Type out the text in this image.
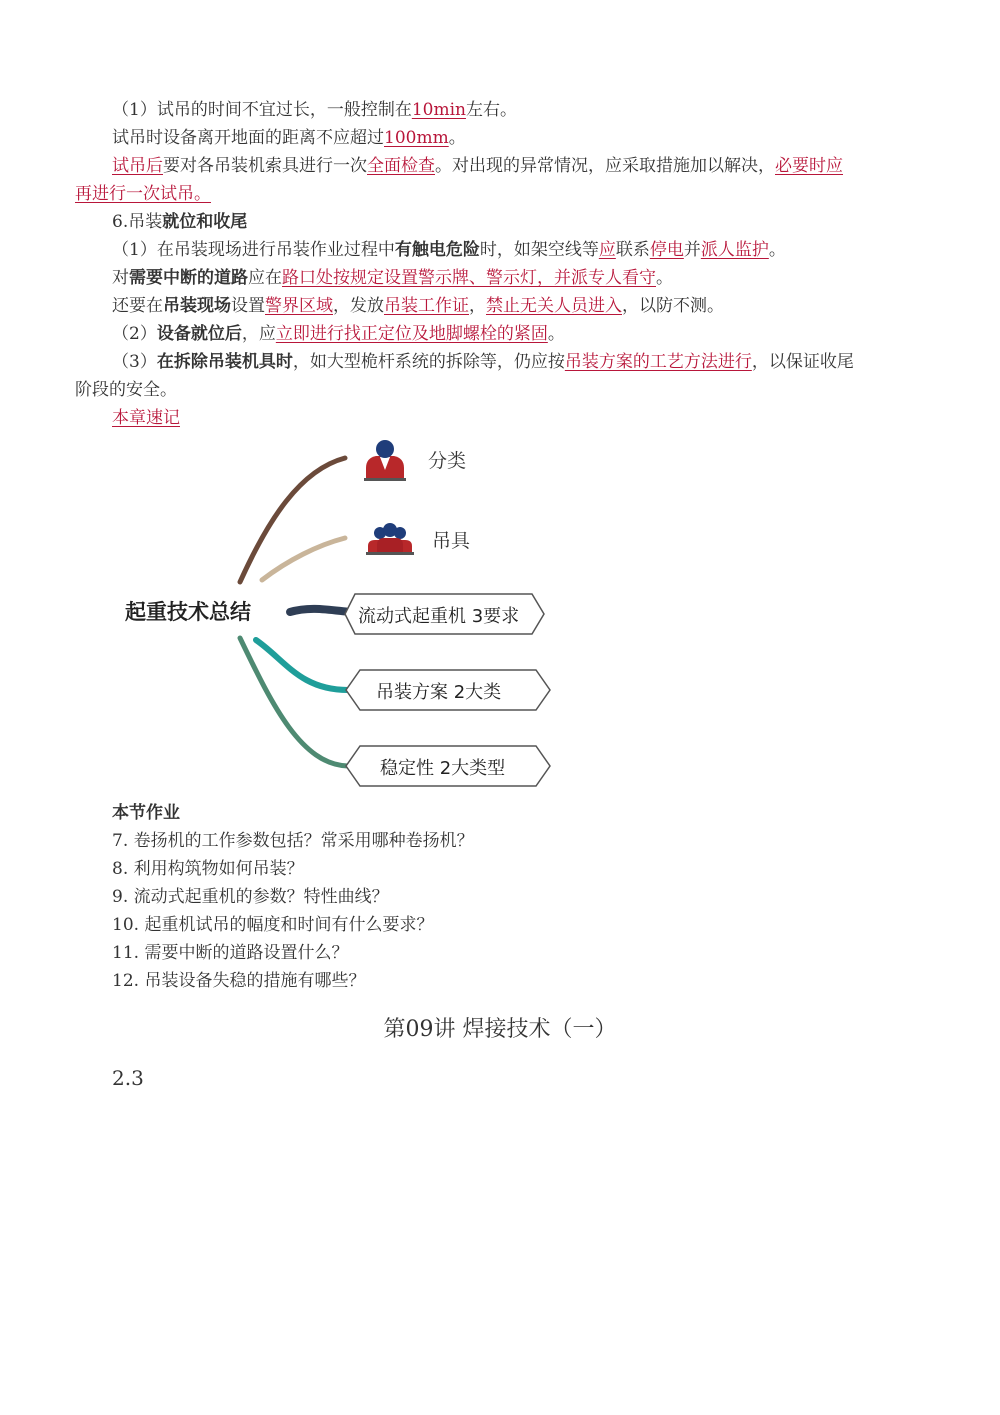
（1）试吊的时间不宜过长，一般控制在10min左右。
试吊时设备离开地面的距离不应超过100mm。
试吊后要对各吊装机索具进行一次全面检查。对出现的异常情况，应采取措施加以解决，必要时应
再进行一次试吊。
6.吊装就位和收尾
（1）在吊装现场进行吊装作业过程中有触电危险时，如架空线等应联系停电并派人监护。
对需要中断的道路应在路口处按规定设置警示牌、警示灯，并派专人看守。
还要在吊装现场设置警界区域，发放吊装工作证，禁止无关人员进入，以防不测。
（2）设备就位后，应立即进行找正定位及地脚螺栓的紧固。
（3）在拆除吊装机具时，如大型桅杆系统的拆除等，仍应按吊装方案的工艺方法进行，以保证收尾
阶段的安全。
本章速记
分类
吊具
起重技术总结	流动式起重机 3要求
吊装方案 2大类
稳定性 2大类型
本节作业
7. 卷扬机的工作参数包括？常采用哪种卷扬机？
8. 利用构筑物如何吊装？
9. 流动式起重机的参数？特性曲线？
10. 起重机试吊的幅度和时间有什么要求？
11. 需要中断的道路设置什么？
12. 吊装设备失稳的措施有哪些？
第09讲 焊接技术（一）
2.3
